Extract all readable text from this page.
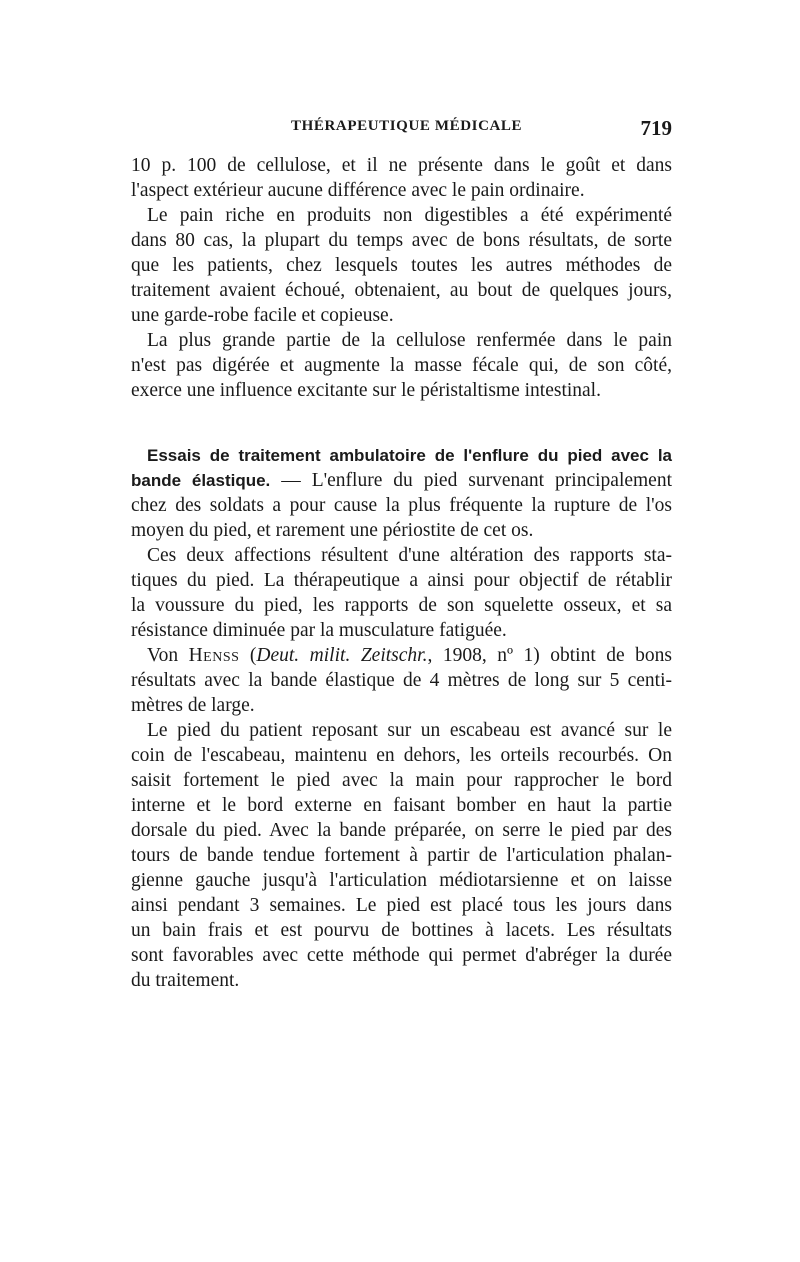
THÉRAPEUTIQUE MÉDICALE	719
10 p. 100 de cellulose, et il ne présente dans le goût et dans
l'aspect extérieur aucune différence avec le pain ordinaire.
Le pain riche en produits non digestibles a été expérimenté
dans 80 cas, la plupart du temps avec de bons résultats, de sorte
que les patients, chez lesquels toutes les autres méthodes de
traitement avaient échoué, obtenaient, au bout de quelques jours,
une garde-robe facile et copieuse.
La plus grande partie de la cellulose renfermée dans le pain
n'est pas digérée et augmente la masse fécale qui, de son côté,
exerce une influence excitante sur le péristaltisme intestinal.
Essais de traitement ambulatoire de l'enflure du pied avec la
bande élastique. — L'enflure du pied survenant principalement
chez des soldats a pour cause la plus fréquente la rupture de l'os
moyen du pied, et rarement une périostite de cet os.
Ces deux affections résultent d'une altération des rapports sta-
tiques du pied. La thérapeutique a ainsi pour objectif de rétablir
la voussure du pied, les rapports de son squelette osseux, et sa
résistance diminuée par la musculature fatiguée.
Von Henss (Deut. milit. Zeitschr., 1908, nº 1) obtint de bons
résultats avec la bande élastique de 4 mètres de long sur 5 centi-
mètres de large.
Le pied du patient reposant sur un escabeau est avancé sur le
coin de l'escabeau, maintenu en dehors, les orteils recourbés. On
saisit fortement le pied avec la main pour rapprocher le bord
interne et le bord externe en faisant bomber en haut la partie
dorsale du pied. Avec la bande préparée, on serre le pied par des
tours de bande tendue fortement à partir de l'articulation phalan-
gienne gauche jusqu'à l'articulation médiotarsienne et on laisse
ainsi pendant 3 semaines. Le pied est placé tous les jours dans
un bain frais et est pourvu de bottines à lacets. Les résultats
sont favorables avec cette méthode qui permet d'abréger la durée
du traitement.
